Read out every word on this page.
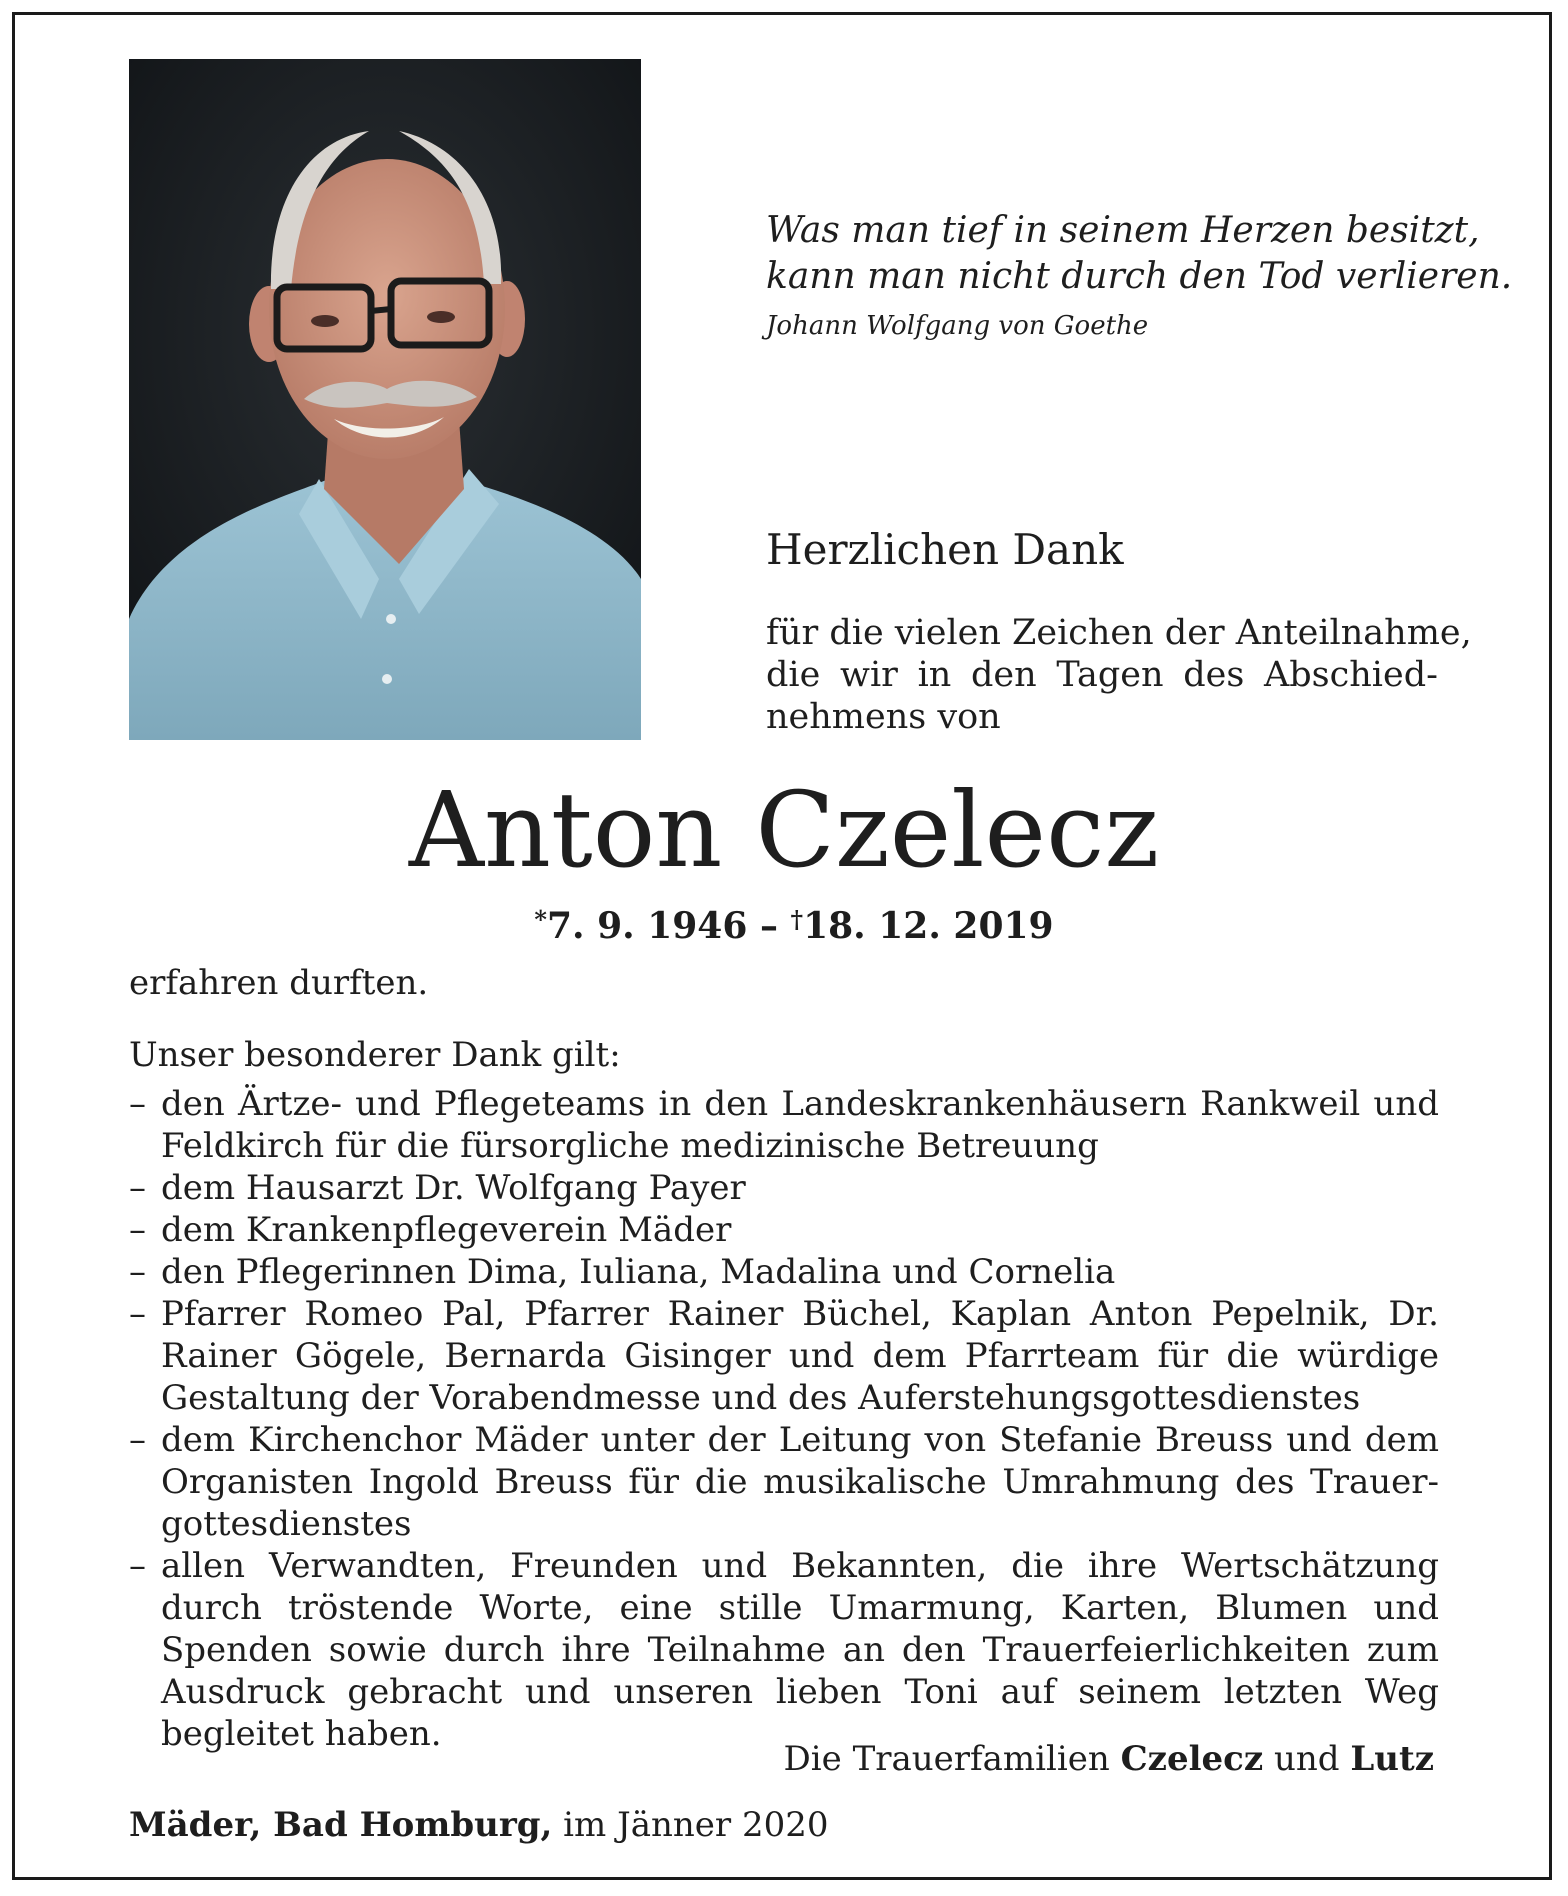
Was man tief in seinem Herzen besitzt,
kann man nicht durch den Tod verlieren.
Johann Wolfgang von Goethe
Herzlichen Dank
für die vielen Zeichen der Anteilnahme,
die wir in den Tagen des Abschied-
nehmens von
Anton Czelecz
*7. 9. 1946 – †18. 12. 2019
erfahren durften.
Unser besonderer Dank gilt:
– den Ärtze- und Pflegeteams in den Landeskrankenhäusern Rankweil und Feldkirch für die fürsorgliche medizinische Betreuung
– dem Hausarzt Dr. Wolfgang Payer
– dem Krankenpflegeverein Mäder
– den Pflegerinnen Dima, Iuliana, Madalina und Cornelia
– Pfarrer Romeo Pal, Pfarrer Rainer Büchel, Kaplan Anton Pepelnik, Dr. Rainer Gögele, Bernarda Gisinger und dem Pfarrteam für die würdige Gestaltung der Vorabendmesse und des Auferstehungsgottesdienstes
– dem Kirchenchor Mäder unter der Leitung von Stefanie Breuss und dem Organisten Ingold Breuss für die musikalische Umrahmung des Trauer-gottesdienstes
– allen Verwandten, Freunden und Bekannten, die ihre Wertschätzung durch tröstende Worte, eine stille Umarmung, Karten, Blumen und Spenden sowie durch ihre Teilnahme an den Trauerfeierlichkeiten zum Ausdruck gebracht und unseren lieben Toni auf seinem letzten Weg begleitet haben.
Die Trauerfamilien Czelecz und Lutz
Mäder, Bad Homburg, im Jänner 2020
